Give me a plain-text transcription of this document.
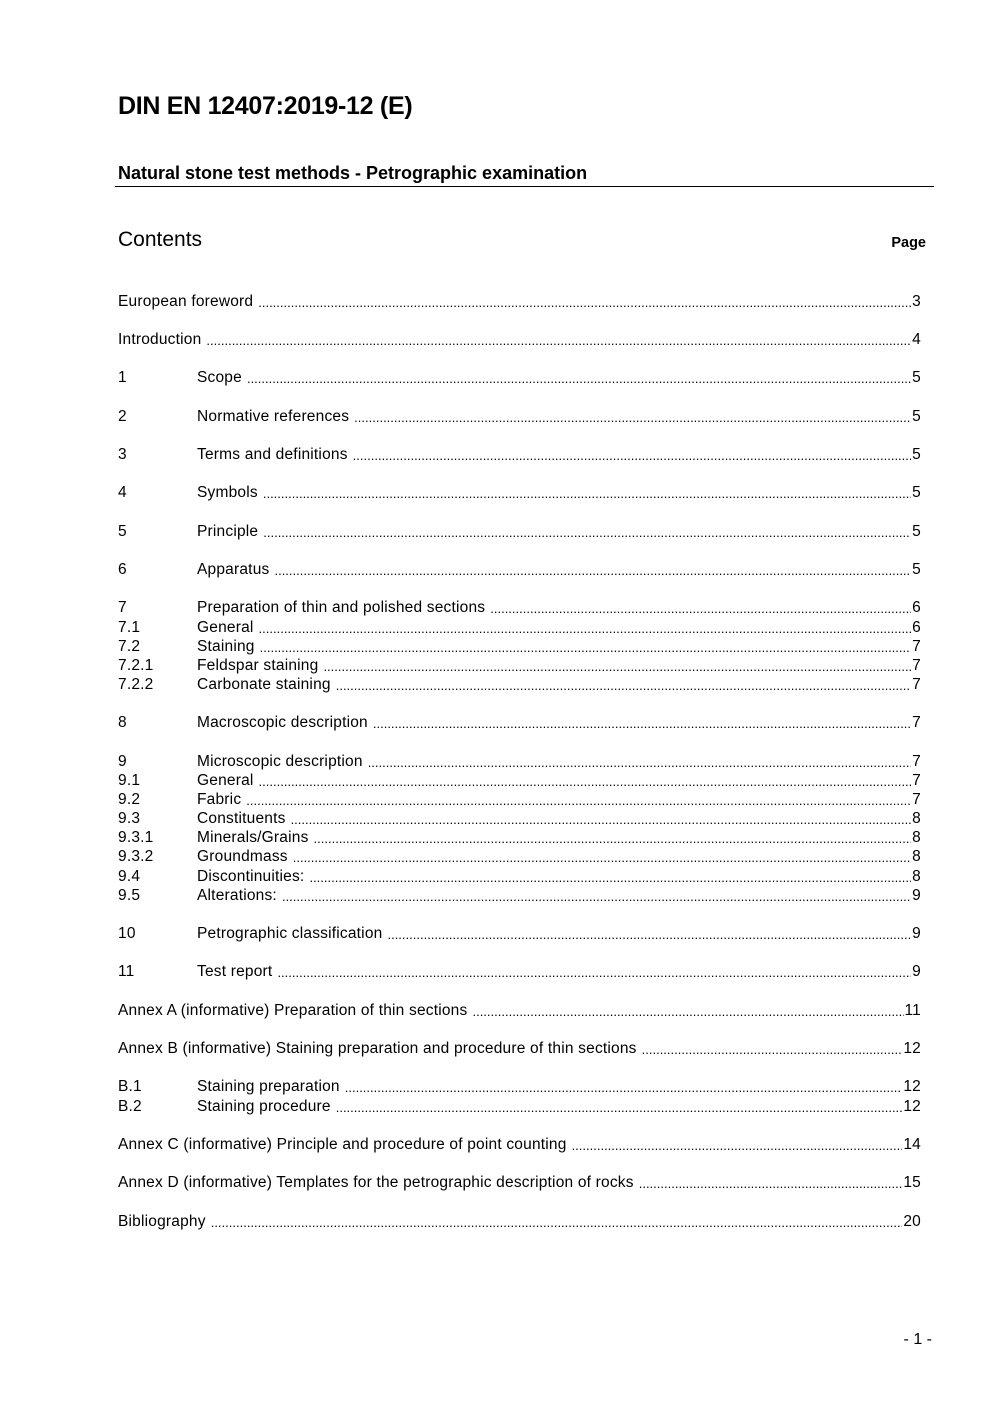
DIN EN 12407:2019-12 (E)
Natural stone test methods - Petrographic examination
Contents	Page
European foreword .....	3
Introduction .....	4
1	Scope .....	5
2	Normative references .....	5
3	Terms and definitions .....	5
4	Symbols .....	5
5	Principle .....	5
6	Apparatus .....	5
7	Preparation of thin and polished sections .....	6
7.1	General .....	6
7.2	Staining .....	7
7.2.1	Feldspar staining .....	7
7.2.2	Carbonate staining .....	7
8	Macroscopic description .....	7
9	Microscopic description .....	7
9.1	General .....	7
9.2	Fabric .....	7
9.3	Constituents .....	8
9.3.1	Minerals/Grains .....	8
9.3.2	Groundmass .....	8
9.4	Discontinuities: .....	8
9.5	Alterations: .....	9
10	Petrographic classification .....	9
11	Test report .....	9
Annex A (informative) Preparation of thin sections .....	11
Annex B (informative) Staining preparation and procedure of thin sections .....	12
B.1	Staining preparation .....	12
B.2	Staining procedure .....	12
Annex C (informative) Principle and procedure of point counting .....	14
Annex D (informative) Templates for the petrographic description of rocks .....	15
Bibliography .....	20
- 1 -
